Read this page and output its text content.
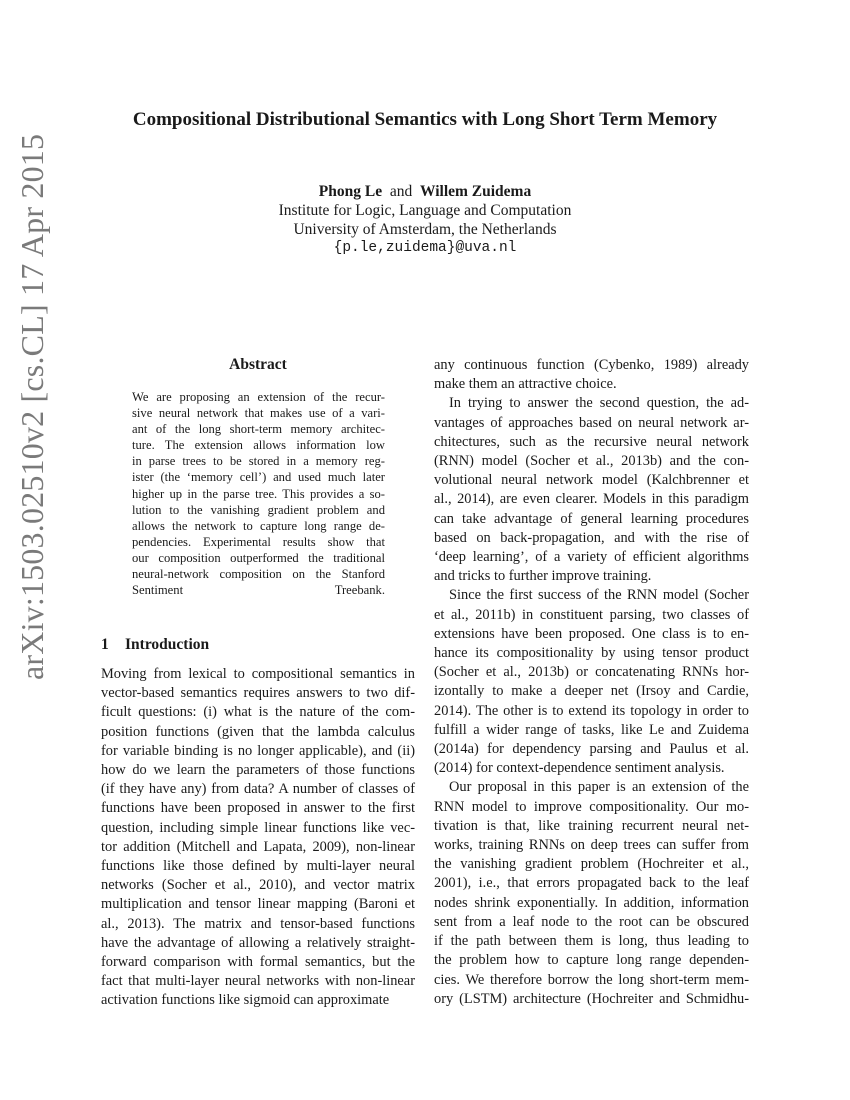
Compositional Distributional Semantics with Long Short Term Memory
Phong Le and Willem Zuidema
Institute for Logic, Language and Computation
University of Amsterdam, the Netherlands
{p.le,zuidema}@uva.nl
arXiv:1503.02510v2 [cs.CL] 17 Apr 2015	Abstract
We are proposing an extension of the recur-
sive neural network that makes use of a vari-
ant of the long short-term memory architec-
ture. The extension allows information low
in parse trees to be stored in a memory reg-
ister (the ‘memory cell’) and used much later
higher up in the parse tree. This provides a so-
lution to the vanishing gradient problem and
allows the network to capture long range de-
pendencies. Experimental results show that
our composition outperformed the traditional
neural-network composition on the Stanford
Sentiment Treebank.
1 Introduction
Moving from lexical to compositional semantics in
vector-based semantics requires answers to two dif-
ficult questions: (i) what is the nature of the com-
position functions (given that the lambda calculus
for variable binding is no longer applicable), and (ii)
how do we learn the parameters of those functions
(if they have any) from data? A number of classes of
functions have been proposed in answer to the first
question, including simple linear functions like vec-
tor addition (Mitchell and Lapata, 2009), non-linear
functions like those defined by multi-layer neural
networks (Socher et al., 2010), and vector matrix
multiplication and tensor linear mapping (Baroni et
al., 2013). The matrix and tensor-based functions
have the advantage of allowing a relatively straight-
forward comparison with formal semantics, but the
fact that multi-layer neural networks with non-linear
activation functions like sigmoid can approximate
any continuous function (Cybenko, 1989) already
make them an attractive choice.
In trying to answer the second question, the ad-
vantages of approaches based on neural network ar-
chitectures, such as the recursive neural network
(RNN) model (Socher et al., 2013b) and the con-
volutional neural network model (Kalchbrenner et
al., 2014), are even clearer. Models in this paradigm
can take advantage of general learning procedures
based on back-propagation, and with the rise of
‘deep learning’, of a variety of efficient algorithms
and tricks to further improve training.
Since the first success of the RNN model (Socher
et al., 2011b) in constituent parsing, two classes of
extensions have been proposed. One class is to en-
hance its compositionality by using tensor product
(Socher et al., 2013b) or concatenating RNNs hor-
izontally to make a deeper net (Irsoy and Cardie,
2014). The other is to extend its topology in order to
fulfill a wider range of tasks, like Le and Zuidema
(2014a) for dependency parsing and Paulus et al.
(2014) for context-dependence sentiment analysis.
Our proposal in this paper is an extension of the
RNN model to improve compositionality. Our mo-
tivation is that, like training recurrent neural net-
works, training RNNs on deep trees can suffer from
the vanishing gradient problem (Hochreiter et al.,
2001), i.e., that errors propagated back to the leaf
nodes shrink exponentially. In addition, information
sent from a leaf node to the root can be obscured
if the path between them is long, thus leading to
the problem how to capture long range dependen-
cies. We therefore borrow the long short-term mem-
ory (LSTM) architecture (Hochreiter and Schmidhu-
